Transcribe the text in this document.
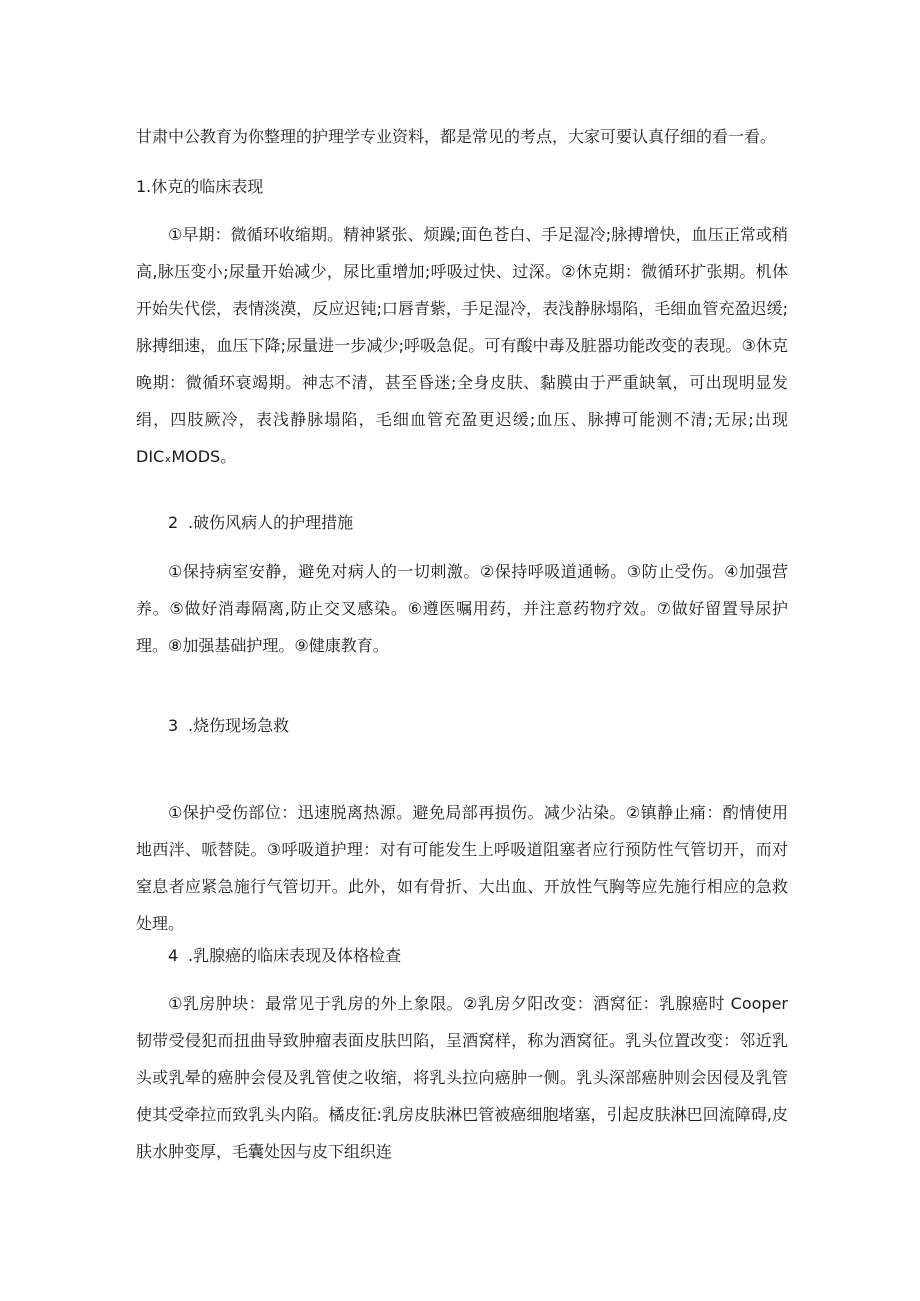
甘肃中公教育为你整理的护理学专业资料，都是常见的考点，大家可要认真仔细的看一看。
1.休克的临床表现

①早期：微循环收缩期。精神紧张、烦躁;面色苍白、手足湿冷;脉搏增快，血压正常或稍高,脉压变小;尿量开始减少，尿比重增加;呼吸过快、过深。②休克期：微循环扩张期。机体开始失代偿，表情淡漠，反应迟钝;口唇青紫，手足湿冷，表浅静脉塌陷，毛细血管充盈迟缓;脉搏细速，血压下降;尿量进一步减少;呼吸急促。可有酸中毒及脏器功能改变的表现。③休克晚期：微循环衰竭期。神志不清，甚至昏迷;全身皮肤、黏膜由于严重缺氧，可出现明显发绢，四肢厥冷，表浅静脉塌陷，毛细血管充盈更迟缓;血压、脉搏可能测不清;无尿;出现 DICₓMODS。

2 .破伤风病人的护理措施

①保持病室安静，避免对病人的一切刺激。②保持呼吸道通畅。③防止受伤。④加强营养。⑤做好消毒隔离,防止交叉感染。⑥遵医嘱用药，并注意药物疗效。⑦做好留置导尿护理。⑧加强基础护理。⑨健康教育。

3 .烧伤现场急救

①保护受伤部位：迅速脱离热源。避免局部再损伤。减少沾染。②镇静止痛：酌情使用地西泮、哌替陡。③呼吸道护理：对有可能发生上呼吸道阻塞者应行预防性气管切开，而对窒息者应紧急施行气管切开。此外，如有骨折、大出血、开放性气胸等应先施行相应的急救处理。

4 .乳腺癌的临床表现及体格检查

①乳房肿块：最常见于乳房的外上象限。②乳房夕阳改变：酒窝征：乳腺癌时 Cooper 韧带受侵犯而扭曲导致肿瘤表面皮肤凹陷，呈酒窝样，称为酒窝征。乳头位置改变：邻近乳头或乳晕的癌肿会侵及乳管使之收缩，将乳头拉向癌肿一侧。乳头深部癌肿则会因侵及乳管使其受牵拉而致乳头内陷。橘皮征:乳房皮肤淋巴管被癌细胞堵塞，引起皮肤淋巴回流障碍,皮肤水肿变厚，毛囊处因与皮下组织连
